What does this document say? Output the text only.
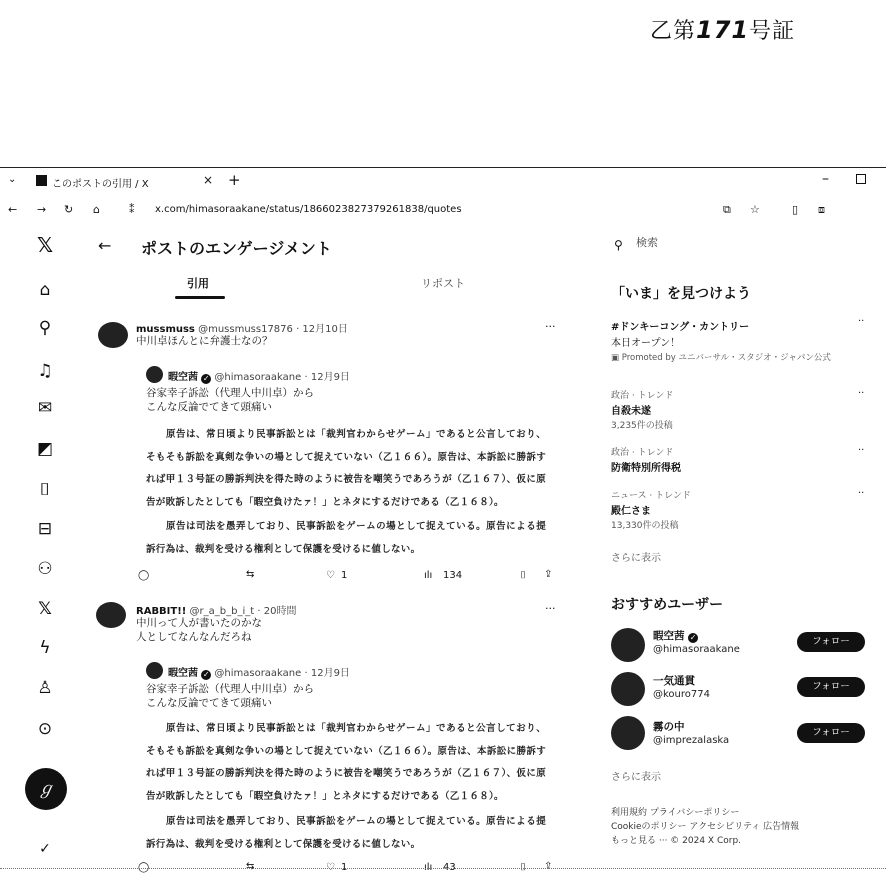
乙第171号証
⌄	このポストの引用 / X	× +	–
← → ↻ ⌂	⁑ x.com/himasoraakane/status/1866023827379261838/quotes	⧉ ☆	▯ ⧈
𝕏
⌂
⚲
♫
✉
◩
⌷
⊟
⚇
𝕏
ϟ
♙
⊙
ℊ
✓
← ポストのエンゲージメント
引用	リポスト
mussmuss @mussmuss17876 · 12月10日	···
中川卓ほんとに弁護士なの？
暇空茜 ✓ @himasoraakane · 12月9日
谷家幸子訴訟（代理人中川卓）から
こんな反論でてきて頭痛い
原告は、常日頃より民事訴訟とは「裁判官わからせゲーム」であると公言しており、そもそも訴訟を真剣な争いの場として捉えていない（乙１６６）。原告は、本訴訟に勝訴すれば甲１３号証の勝訴判決を得た時のように被告を嘲笑うであろうが（乙１６７）、仮に原告が敗訴したとしても「暇空負けたァ！」とネタにするだけである（乙１６８）。
原告は司法を愚弄しており、民事訴訟をゲームの場として捉えている。原告による提訴行為は、裁判を受ける権利として保護を受けるに値しない。
◯	⇆	♡ 1	ılı 134	⌷ ⇪
RABBIT!! @r_a_b_b_i_t · 20時間	···
中川って人が書いたのかな
人としてなんなんだろね
暇空茜 ✓ @himasoraakane · 12月9日
谷家幸子訴訟（代理人中川卓）から
こんな反論でてきて頭痛い
原告は、常日頃より民事訴訟とは「裁判官わからせゲーム」であると公言しており、そもそも訴訟を真剣な争いの場として捉えていない（乙１６６）。原告は、本訴訟に勝訴すれば甲１３号証の勝訴判決を得た時のように被告を嘲笑うであろうが（乙１６７）、仮に原告が敗訴したとしても「暇空負けたァ！」とネタにするだけである（乙１６８）。
原告は司法を愚弄しており、民事訴訟をゲームの場として捉えている。原告による提訴行為は、裁判を受ける権利として保護を受けるに値しない。
◯	⇆	♡ 1	ılı 43	⌷ ⇪
⚲
検索
「いま」を見つけよう
#ドンキーコング・カントリー
··
本日オープン！
▣ Promoted by ユニバーサル・スタジオ・ジャパン公式
政治 · トレンド	··
自殺未遂
3,235件の投稿
政治 · トレンド	··
防衛特別所得税
ニュース · トレンド	··
殿仁さま
13,330件の投稿
さらに表示
おすすめユーザー
暇空茜 ✓
@himasoraakane
フォロー
一気通貫
@kouro774
フォロー
霧の中
@imprezalaska
フォロー
さらに表示
利用規約 プライバシーポリシー
Cookieのポリシー アクセシビリティ 広告情報
もっと見る ··· © 2024 X Corp.
